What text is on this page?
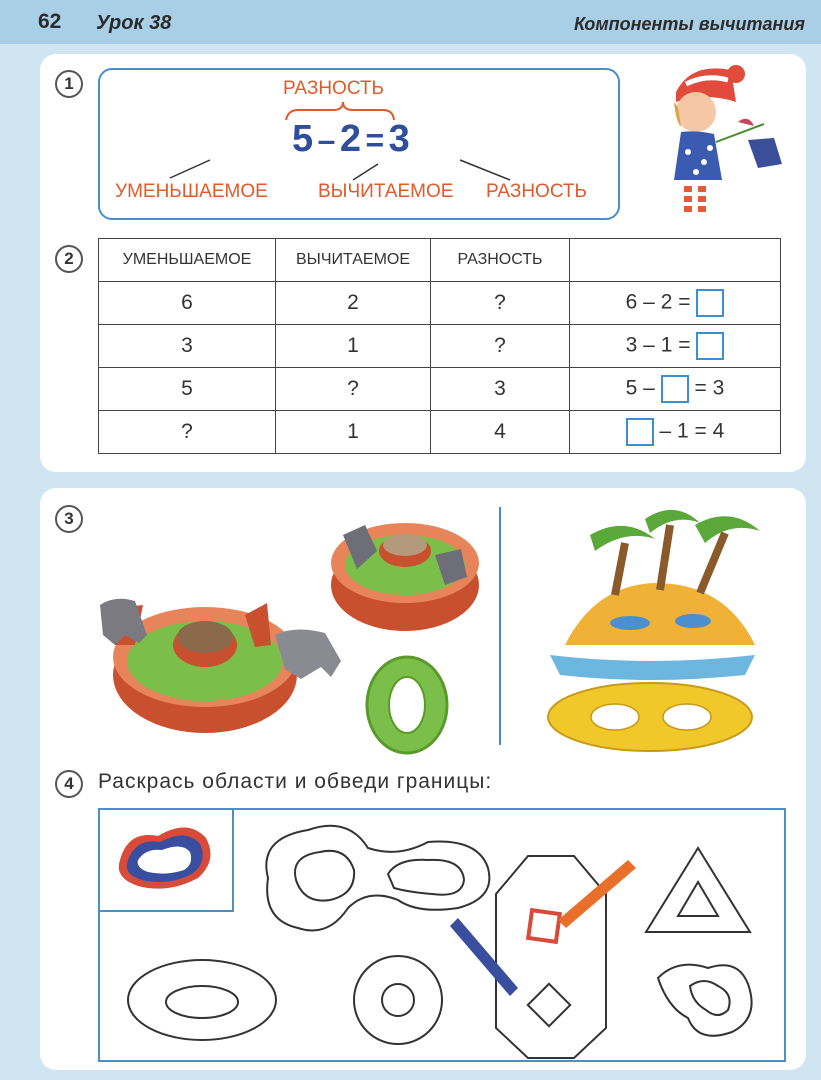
62 Урок 38	Компоненты вычитания
1	РАЗНОСТЬ
5 – 2 = 3
УМЕНЬШАЕМОЕ	ВЫЧИТАЕМОЕ РАЗНОСТЬ
2	УМЕНЬШАЕМОЕ	ВЫЧИТАЕМОЕ	РАЗНОСТЬ	
6	2	?	6 – 2 =
3	1	?	3 – 1 =
5	?	3	5 – = 3
?	1	4	– 1 = 4
3
4	Раскрась области и обведи границы:
